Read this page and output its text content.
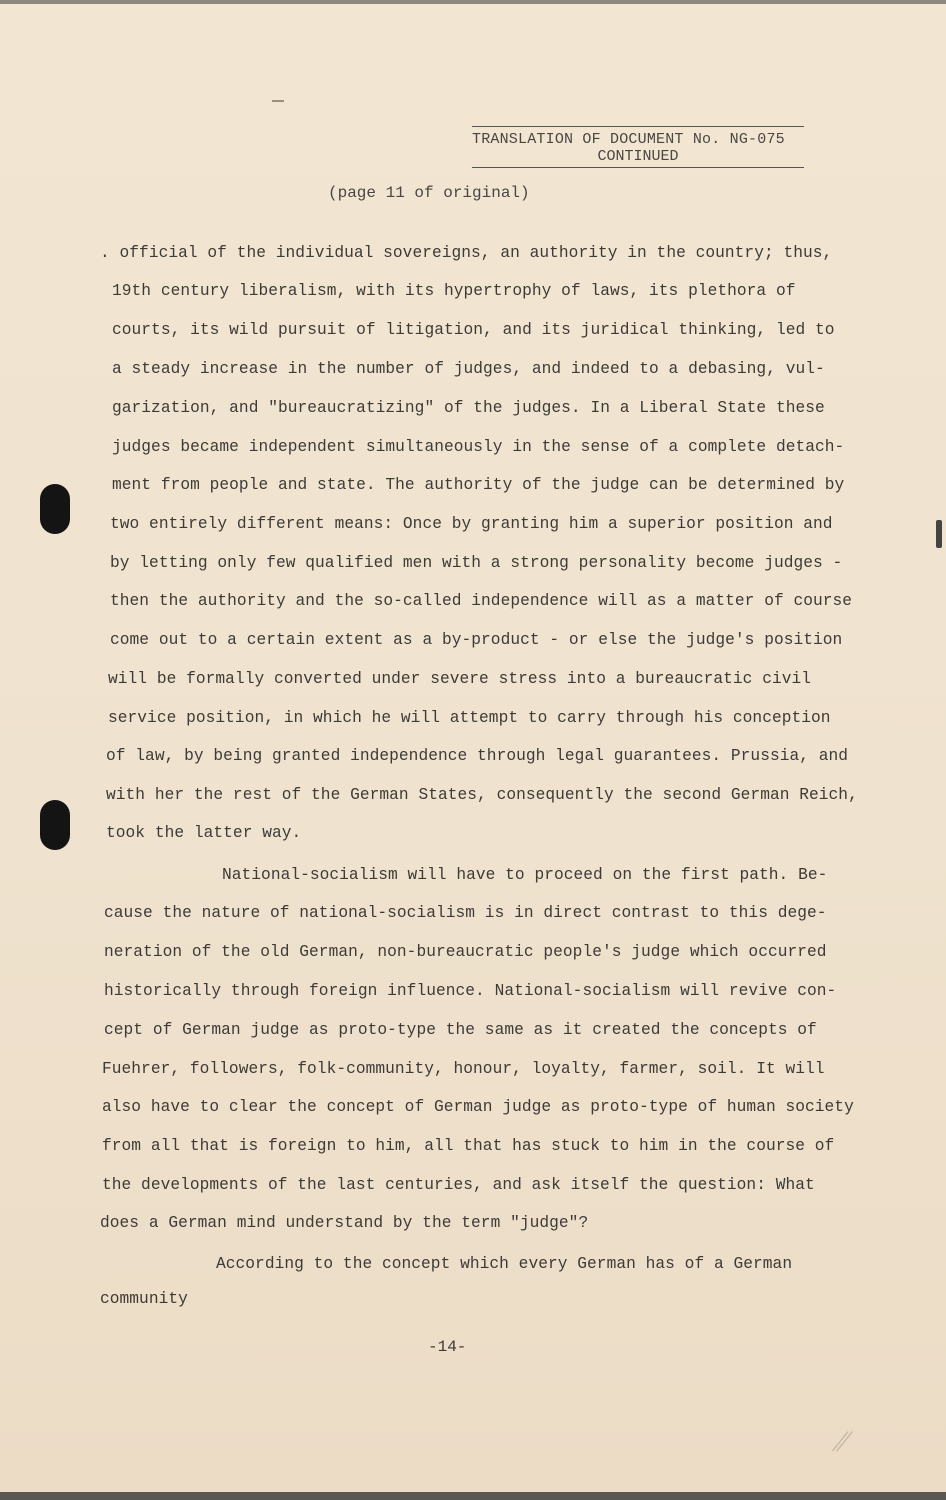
TRANSLATION OF DOCUMENT No. NG-075
CONTINUED
(page 11 of original)
. official of the individual sovereigns, an authority in the country; thus,
19th century liberalism, with its hypertrophy of laws, its plethora of
courts, its wild pursuit of litigation, and its juridical thinking, led to
a steady increase in the number of judges, and indeed to a debasing, vul-
garization, and "bureaucratizing" of the judges. In a Liberal State these
judges became independent simultaneously in the sense of a complete detach-
ment from people and state. The authority of the judge can be determined by
two entirely different means: Once by granting him a superior position and
by letting only few qualified men with a strong personality become judges -
then the authority and the so-called independence will as a matter of course
come out to a certain extent as a by-product - or else the judge's position
will be formally converted under severe stress into a bureaucratic civil
service position, in which he will attempt to carry through his conception
of law, by being granted independence through legal guarantees. Prussia, and
with her the rest of the German States, consequently the second German Reich,
took the latter way.
National-socialism will have to proceed on the first path. Be-
cause the nature of national-socialism is in direct contrast to this dege-
neration of the old German, non-bureaucratic people's judge which occurred
historically through foreign influence. National-socialism will revive con-
cept of German judge as proto-type the same as it created the concepts of
Fuehrer, followers, folk-community, honour, loyalty, farmer, soil. It will
also have to clear the concept of German judge as proto-type of human society
from all that is foreign to him, all that has stuck to him in the course of
the developments of the last centuries, and ask itself the question: What
does a German mind understand by the term "judge"?
According to the concept which every German has of a German
community
-14-
⁄⁄
